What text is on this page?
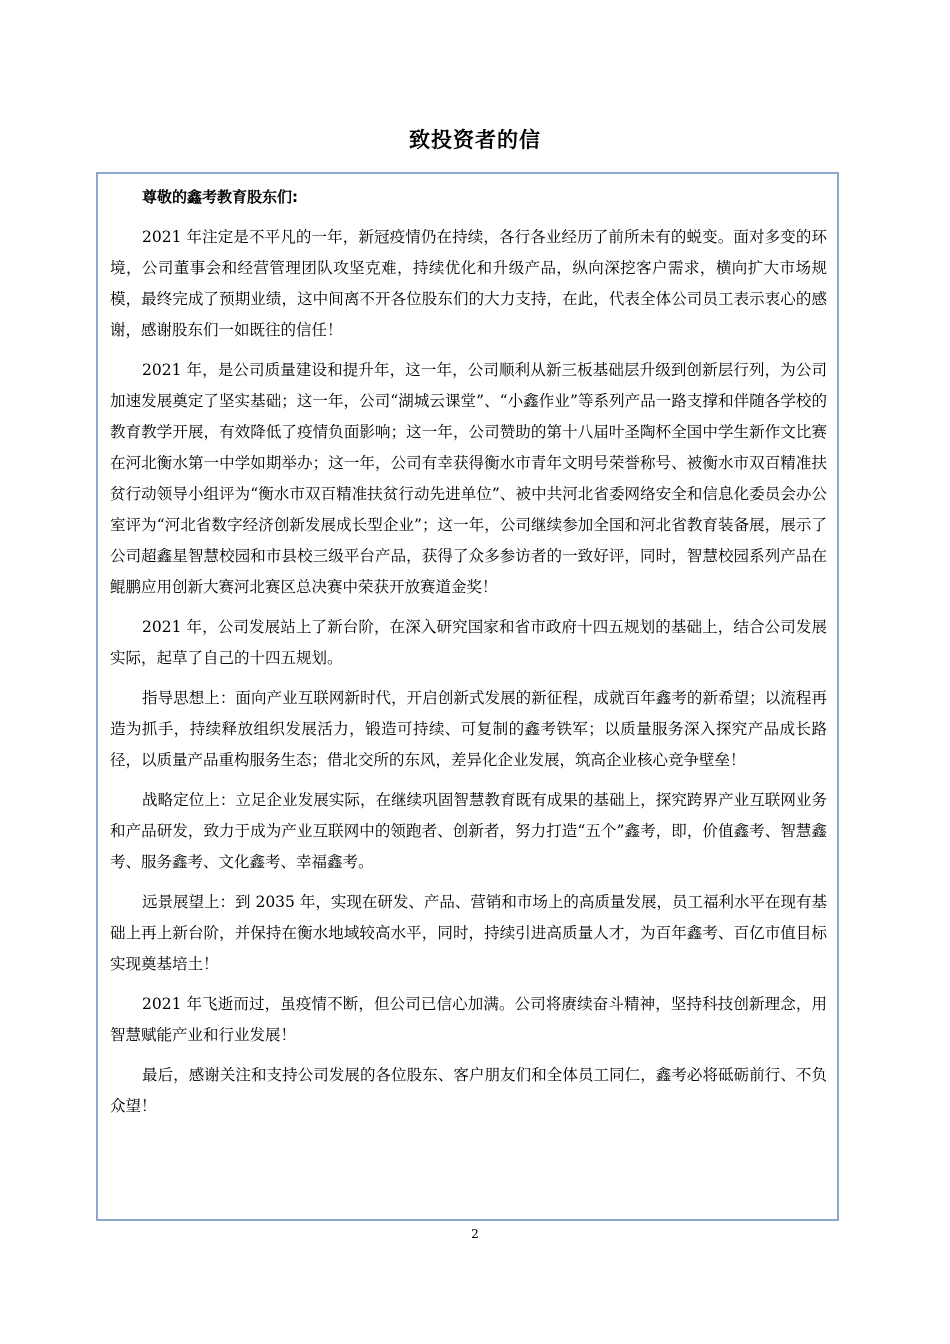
致投资者的信

尊敬的鑫考教育股东们:

2021 年注定是不平凡的一年，新冠疫情仍在持续，各行各业经历了前所未有的蜕变。面对多变的环境，公司董事会和经营管理团队攻坚克难，持续优化和升级产品，纵向深挖客户需求，横向扩大市场规模，最终完成了预期业绩，这中间离不开各位股东们的大力支持，在此，代表全体公司员工表示衷心的感谢，感谢股东们一如既往的信任！

2021 年，是公司质量建设和提升年，这一年，公司顺利从新三板基础层升级到创新层行列，为公司加速发展奠定了坚实基础；这一年，公司“湖城云课堂”、“小鑫作业”等系列产品一路支撑和伴随各学校的教育教学开展，有效降低了疫情负面影响；这一年，公司赞助的第十八届叶圣陶杯全国中学生新作文比赛在河北衡水第一中学如期举办；这一年，公司有幸获得衡水市青年文明号荣誉称号、被衡水市双百精准扶贫行动领导小组评为“衡水市双百精准扶贫行动先进单位”、被中共河北省委网络安全和信息化委员会办公室评为“河北省数字经济创新发展成长型企业”；这一年，公司继续参加全国和河北省教育装备展，展示了公司超鑫星智慧校园和市县校三级平台产品，获得了众多参访者的一致好评，同时，智慧校园系列产品在鲲鹏应用创新大赛河北赛区总决赛中荣获开放赛道金奖！

2021 年，公司发展站上了新台阶，在深入研究国家和省市政府十四五规划的基础上，结合公司发展实际，起草了自己的十四五规划。

指导思想上：面向产业互联网新时代，开启创新式发展的新征程，成就百年鑫考的新希望；以流程再造为抓手，持续释放组织发展活力，锻造可持续、可复制的鑫考铁军；以质量服务深入探究产品成长路径，以质量产品重构服务生态；借北交所的东风，差异化企业发展，筑高企业核心竞争壁垒！

战略定位上：立足企业发展实际，在继续巩固智慧教育既有成果的基础上，探究跨界产业互联网业务和产品研发，致力于成为产业互联网中的领跑者、创新者，努力打造“五个”鑫考，即，价值鑫考、智慧鑫考、服务鑫考、文化鑫考、幸福鑫考。

远景展望上：到 2035 年，实现在研发、产品、营销和市场上的高质量发展，员工福利水平在现有基础上再上新台阶，并保持在衡水地域较高水平，同时，持续引进高质量人才，为百年鑫考、百亿市值目标实现奠基培土！

2021 年飞逝而过，虽疫情不断，但公司已信心加满。公司将赓续奋斗精神，坚持科技创新理念，用智慧赋能产业和行业发展！

最后，感谢关注和支持公司发展的各位股东、客户朋友们和全体员工同仁，鑫考必将砥砺前行、不负众望！

2
